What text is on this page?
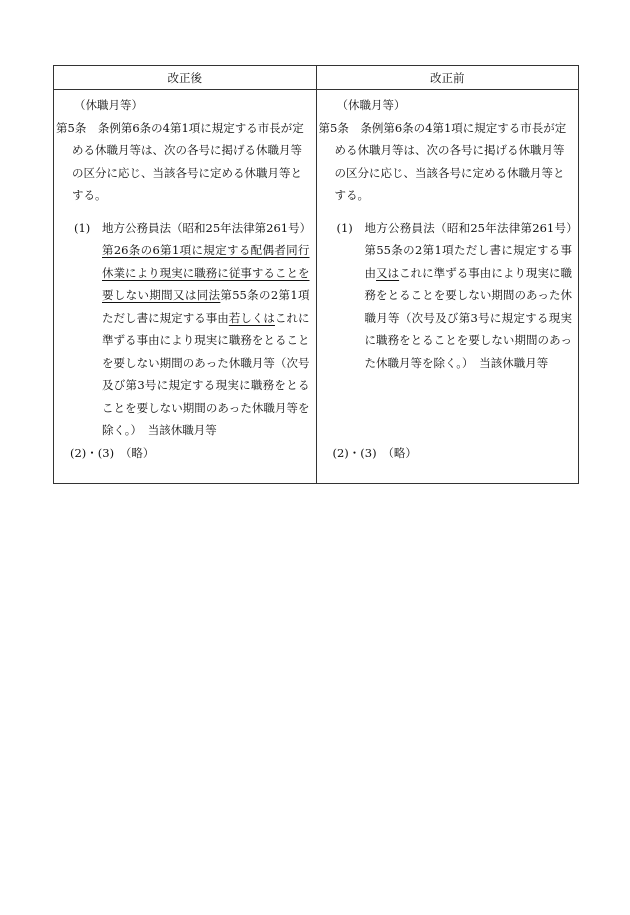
改正後	改正前
（休職月等）
第5条　条例第6条の4第1項に規定する市長が定める休職月等は、次の各号に掲げる休職月等の区分に応じ、当該各号に定める休職月等とする。
(1) 地方公務員法（昭和25年法律第261号）第26条の6第1項に規定する配偶者同行休業により現実に職務に従事することを要しない期間又は同法第55条の2第1項ただし書に規定する事由若しくはこれに準ずる事由により現実に職務をとることを要しない期間のあった休職月等（次号及び第3号に規定する現実に職務をとることを要しない期間のあった休職月等を除く。）　当該休職月等
(2)・(3)　（略）
（休職月等）
第5条　条例第6条の4第1項に規定する市長が定める休職月等は、次の各号に掲げる休職月等の区分に応じ、当該各号に定める休職月等とする。
(1) 地方公務員法（昭和25年法律第261号）第55条の2第1項ただし書に規定する事由又はこれに準ずる事由により現実に職務をとることを要しない期間のあった休職月等（次号及び第3号に規定する現実に職務をとることを要しない期間のあった休職月等を除く。）　当該休職月等
(2)・(3)　（略）
